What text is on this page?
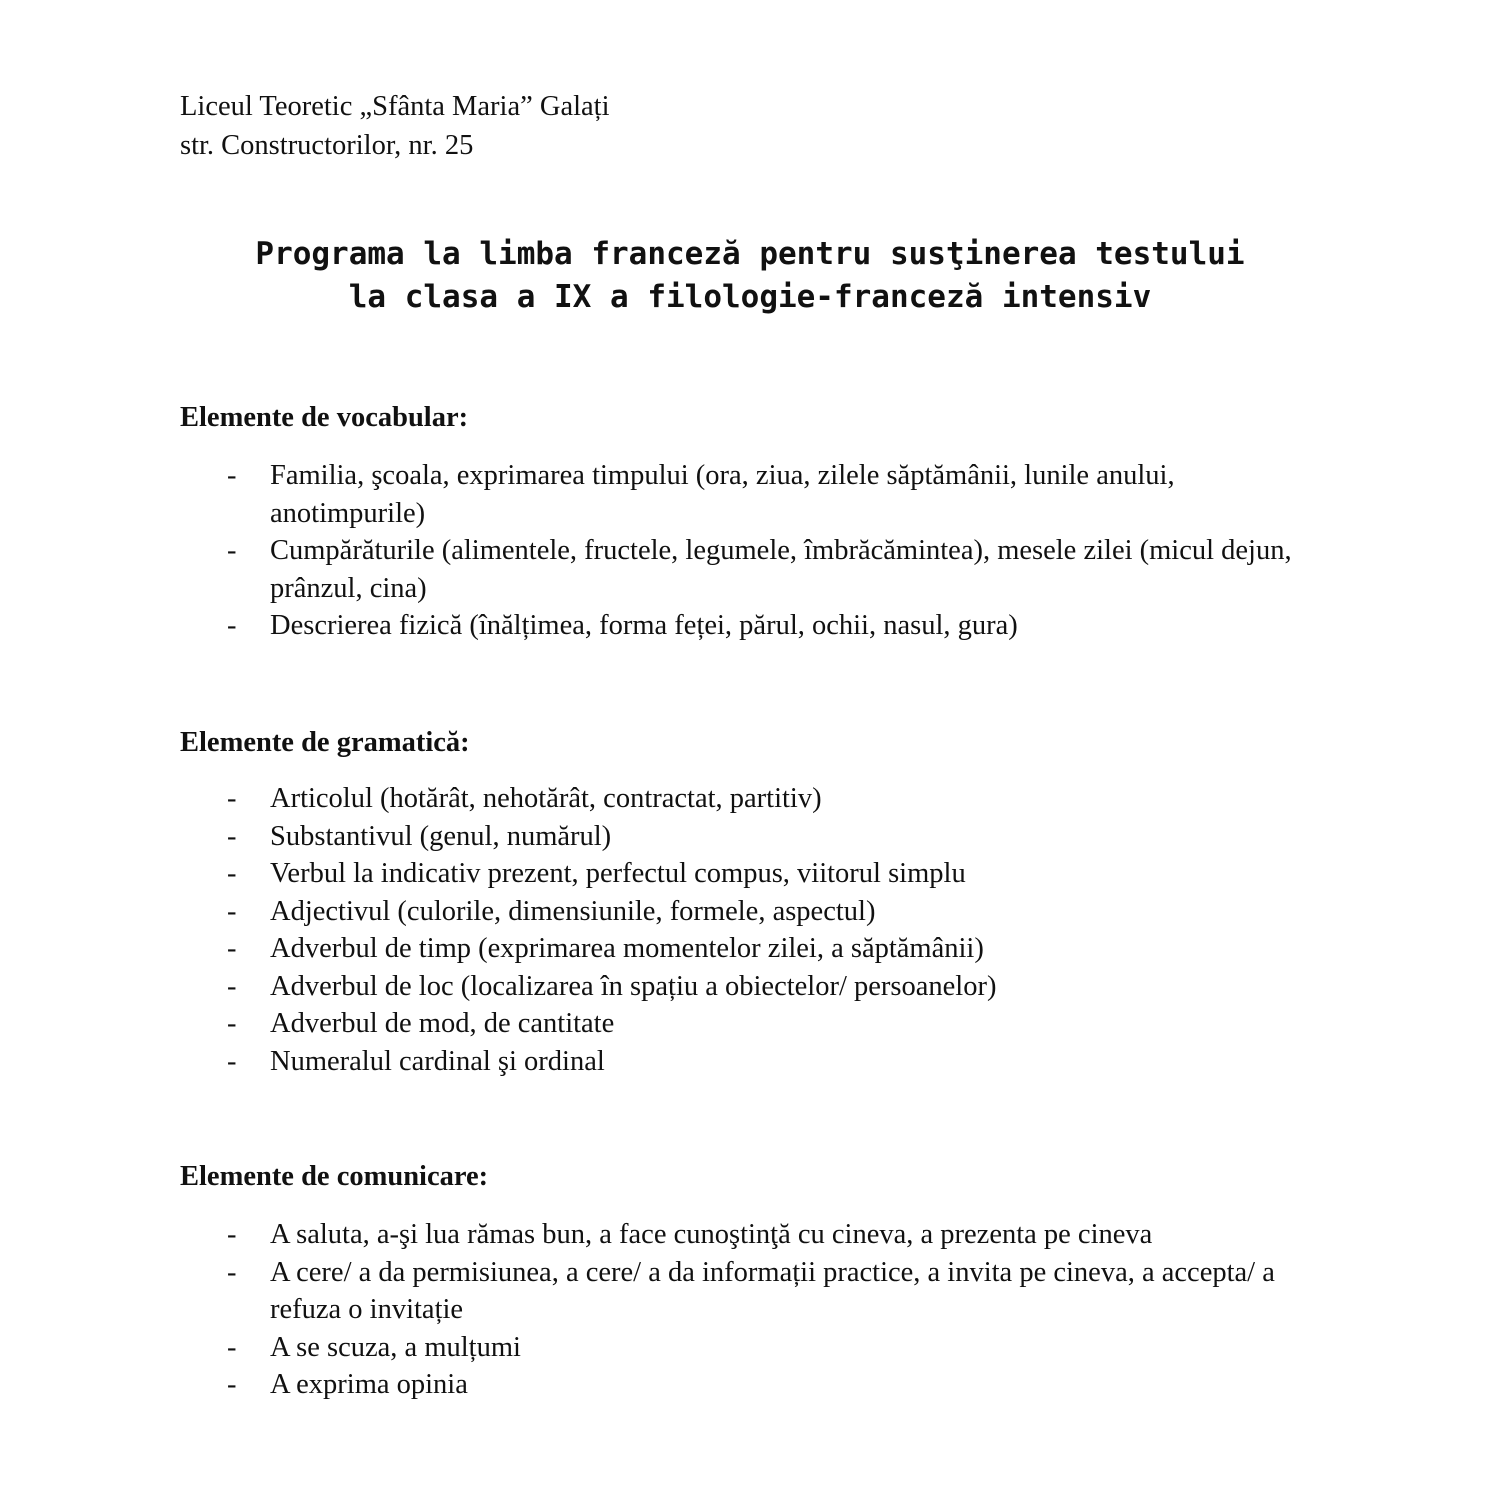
Liceul Teoretic „Sfânta Maria” Galați
str. Constructorilor, nr. 25
Programa la limba franceză pentru susţinerea testului
la clasa a IX a filologie-franceză intensiv
Elemente de vocabular:
- Familia, şcoala, exprimarea timpului (ora, ziua, zilele săptămânii, lunile anului, anotimpurile)
- Cumpărăturile (alimentele, fructele, legumele, îmbrăcămintea), mesele zilei (micul dejun, prânzul, cina)
- Descrierea fizică (înălțimea, forma feței, părul, ochii, nasul, gura)
Elemente de gramatică:
- Articolul (hotărât, nehotărât, contractat, partitiv)
- Substantivul (genul, numărul)
- Verbul la indicativ prezent, perfectul compus, viitorul simplu
- Adjectivul (culorile, dimensiunile, formele, aspectul)
- Adverbul de timp (exprimarea momentelor zilei, a săptămânii)
- Adverbul de loc (localizarea în spațiu a obiectelor/ persoanelor)
- Adverbul de mod, de cantitate
- Numeralul cardinal şi ordinal
Elemente de comunicare:
- A saluta, a-şi lua rămas bun, a face cunoştinţă cu cineva, a prezenta pe cineva
- A cere/ a da permisiunea, a cere/ a da informații practice, a invita pe cineva, a accepta/ a refuza o invitație
- A se scuza, a mulțumi
- A exprima opinia
